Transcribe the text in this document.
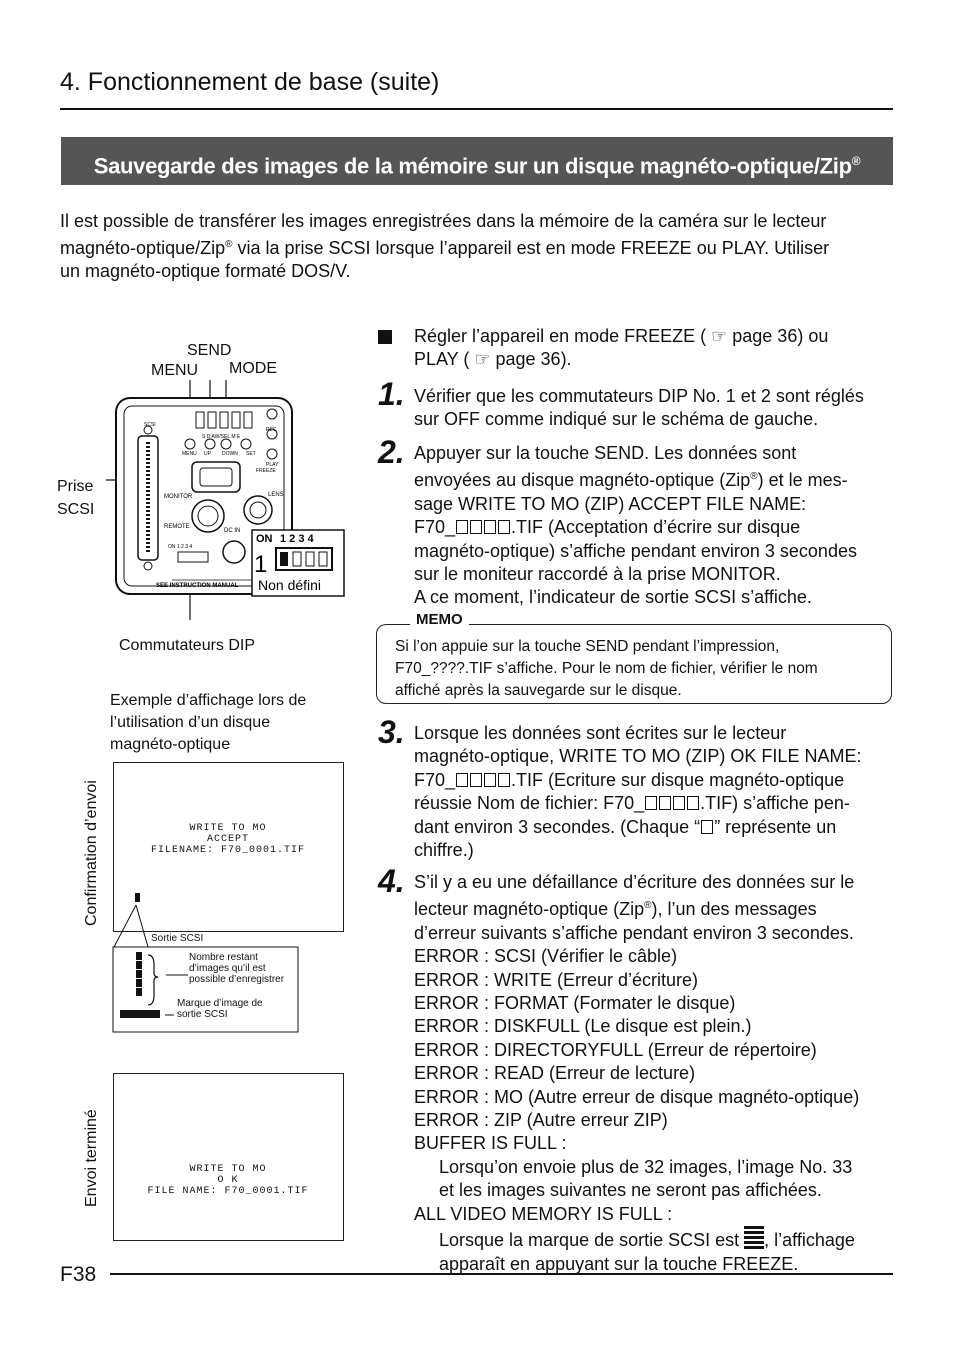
4. Fonctionnement de base (suite)
Sauvegarde des images de la mémoire sur un disque magnéto-optique/Zip®
Il est possible de transférer les images enregistrées dans la mémoire de la caméra sur le lecteur
magnéto-optique/Zip® via la prise SCSI lorsque l’appareil est en mode FREEZE ou PLAY. Utiliser
un magnéto-optique formaté DOS/V.
SEND
MENU MODE
Prise
SCSI
Commutateurs DIP
SCSI
S D AW/SEL M E
MENU UP DOWN SET
REC
PLAY
FREEZE
MONITOR
REMOTE
LENS
DC IN
ON 1 2 3 4
SEE INSTRUCTION MANUAL
ON 1 2 3 4
1
Non défini
Exemple d’affichage lors de
l’utilisation d’un disque
magnéto-optique
Confirmation d’envoi	WRITE TO MO
ACCEPT
FILENAME: F70_0001.TIF
Sortie SCSI
Nombre restant
d’images qu’il est
possible d’enregistrer
Marque d’image de
sortie SCSI
Envoi terminé	WRITE TO MO
O K
FILE NAME: F70_0001.TIF
Régler l’appareil en mode FREEZE ( ☞ page 36) ou
PLAY ( ☞ page 36).
1. Vérifier que les commutateurs DIP No. 1 et 2 sont réglés
sur OFF comme indiqué sur le schéma de gauche.
2. Appuyer sur la touche SEND. Les données sont
envoyées au disque magnéto-optique (Zip®) et le mes-
sage WRITE TO MO (ZIP) ACCEPT FILE NAME:
F70_	.TIF (Acceptation d’écrire sur disque
magnéto-optique) s’affiche pendant environ 3 secondes
sur le moniteur raccordé à la prise MONITOR.
A ce moment, l’indicateur de sortie SCSI s’affiche.
MEMO
Si l’on appuie sur la touche SEND pendant l’impression,
F70_????.TIF s’affiche. Pour le nom de fichier, vérifier le nom
affiché après la sauvegarde sur le disque.
3. Lorsque les données sont écrites sur le lecteur
magnéto-optique, WRITE TO MO (ZIP) OK FILE NAME:
F70_	.TIF (Ecriture sur disque magnéto-optique
réussie Nom de fichier: F70_	.TIF) s’affiche pen-
dant environ 3 secondes. (Chaque “ ” représente un
chiffre.)
4. S’il y a eu une défaillance d’écriture des données sur le
lecteur magnéto-optique (Zip®), l’un des messages
d’erreur suivants s’affiche pendant environ 3 secondes.
ERROR : SCSI (Vérifier le câble)
ERROR : WRITE (Erreur d’écriture)
ERROR : FORMAT (Formater le disque)
ERROR : DISKFULL (Le disque est plein.)
ERROR : DIRECTORYFULL (Erreur de répertoire)
ERROR : READ (Erreur de lecture)
ERROR : MO (Autre erreur de disque magnéto-optique)
ERROR : ZIP (Autre erreur ZIP)
BUFFER IS FULL :
Lorsqu’on envoie plus de 32 images, l’image No. 33
et les images suivantes ne seront pas affichées.
ALL VIDEO MEMORY IS FULL :
Lorsque la marque de sortie SCSI est , l’affichage
apparaît en appuyant sur la touche FREEZE.
F38
